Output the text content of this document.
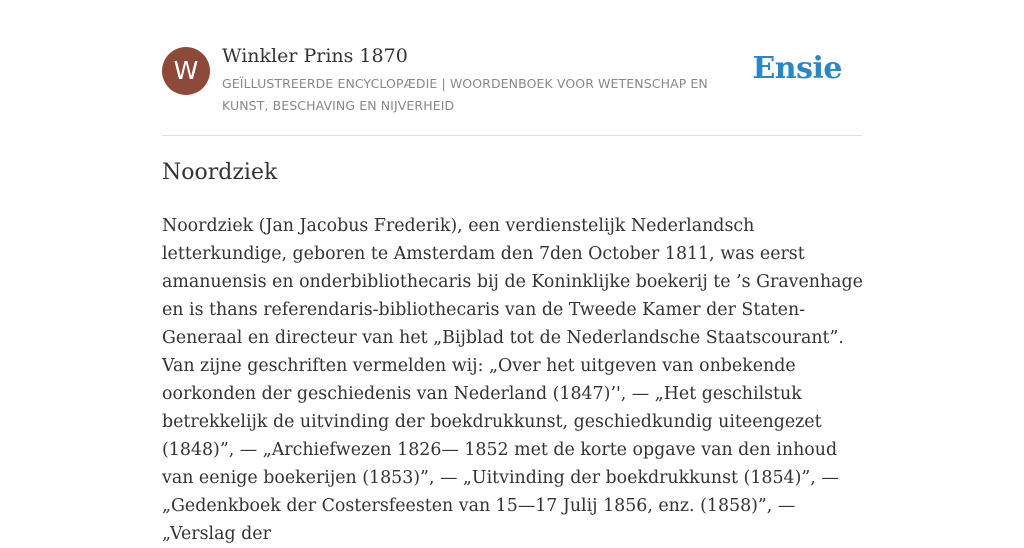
W	Winkler Prins 1870
GEÏLLUSTREERDE ENCYCLOPÆDIE | WOORDENBOEK VOOR WETENSCHAP EN KUNST, BESCHAVING EN NIJVERHEID
Ensie
Noordziek

Noordziek (Jan Jacobus Frederik), een verdienstelijk Nederlandsch letterkundige, geboren te Amsterdam den 7den October 1811, was eerst amanuensis en onderbibliothecaris bij de Koninklijke boekerij te ’s Gravenhage en is thans referendaris-bibliothecaris van de Tweede Kamer der Staten-Generaal en directeur van het „Bijblad tot de Nederlandsche Staatscourant”. Van zijne geschriften vermelden wij: „Over het uitgeven van onbekende oorkonden der geschiedenis van Nederland (1847)’', — „Het geschilstuk betrekkelijk de uitvinding der boekdrukkunst, geschiedkundig uiteengezet (1848)”, — „Archiefwezen 1826— 1852 met de korte opgave van den inhoud van eenige boekerijen (1853)”, — „Uitvinding der boekdrukkunst (1854)”, — „Gedenkboek der Costersfeesten van 15—17 Julij 1856, enz. (1858)”, — „Verslag der
